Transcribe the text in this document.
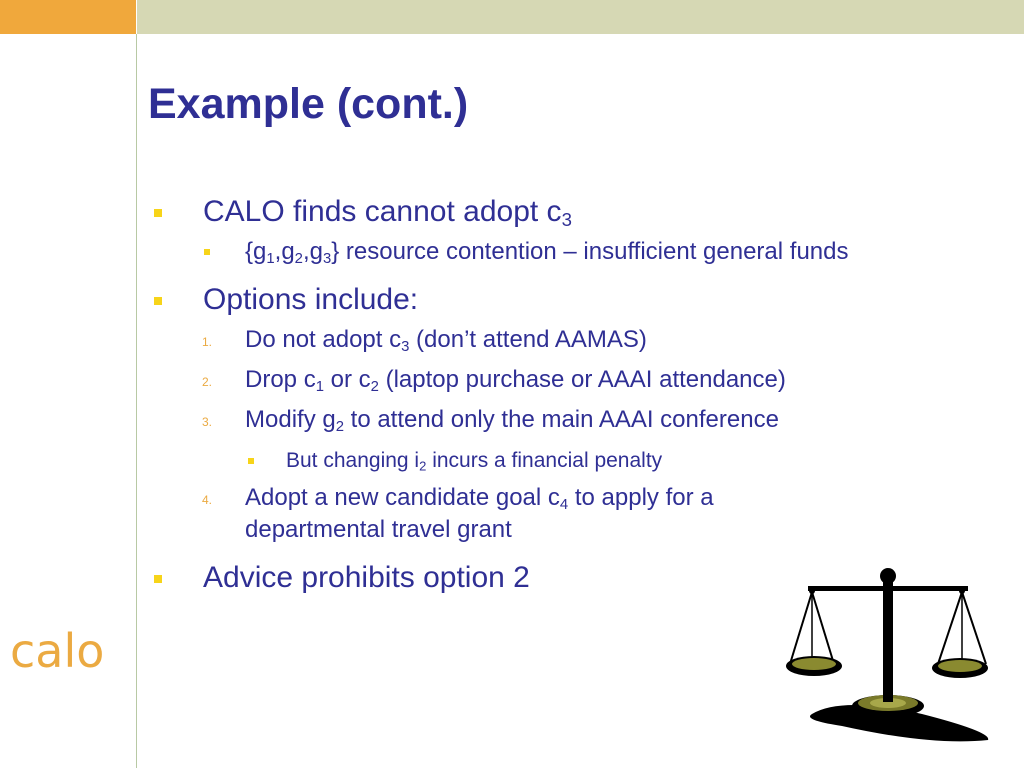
calo
Example (cont.)
CALO finds cannot adopt $c_3$
$\{g_1,g_2,g_3\}$ resource contention – insufficient general funds
Options include:
1. Do not adopt $c_3$ (don’t attend AAMAS)
2. Drop $c_1$ or $c_2$ (laptop purchase or AAAI attendance)
3. Modify $g_2$ to attend only the main AAAI conference
But changing $i_2$ incurs a financial penalty
4. Adopt a new candidate goal $c_4$ to apply for a
departmental travel grant
Advice prohibits option 2
